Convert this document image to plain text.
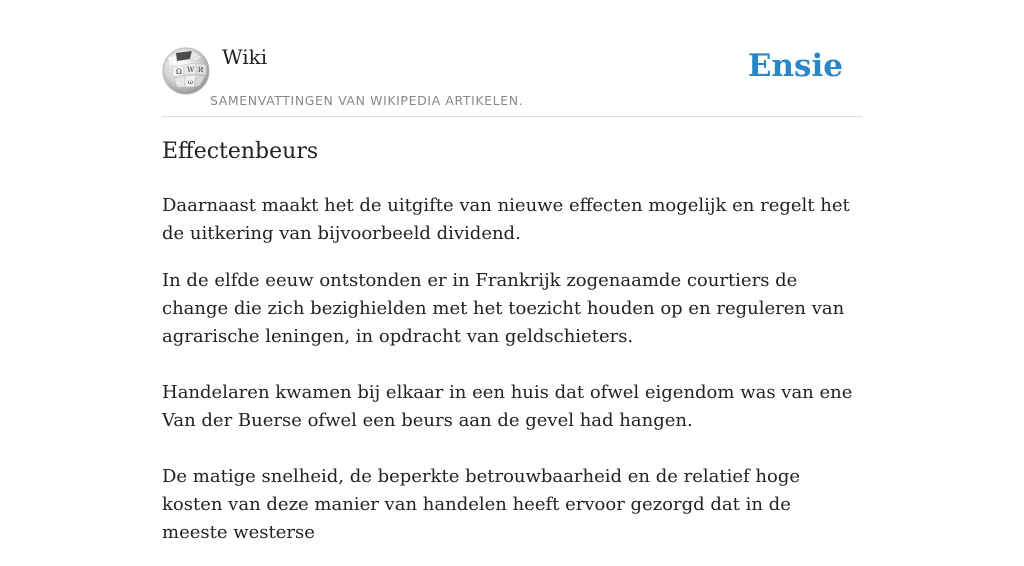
Ω W И
ω
Wiki
SAMENVATTINGEN VAN WIKIPEDIA ARTIKELEN.
Ensie
Effectenbeurs

Daarnaast maakt het de uitgifte van nieuwe effecten mogelijk en regelt het de uitkering van bijvoorbeeld dividend.

In de elfde eeuw ontstonden er in Frankrijk zogenaamde courtiers de change die zich bezighielden met het toezicht houden op en reguleren van agrarische leningen, in opdracht van geldschieters.

Handelaren kwamen bij elkaar in een huis dat ofwel eigendom was van ene Van der Buerse ofwel een beurs aan de gevel had hangen.

De matige snelheid, de beperkte betrouwbaarheid en de relatief hoge kosten van deze manier van handelen heeft ervoor gezorgd dat in de meeste westerse
